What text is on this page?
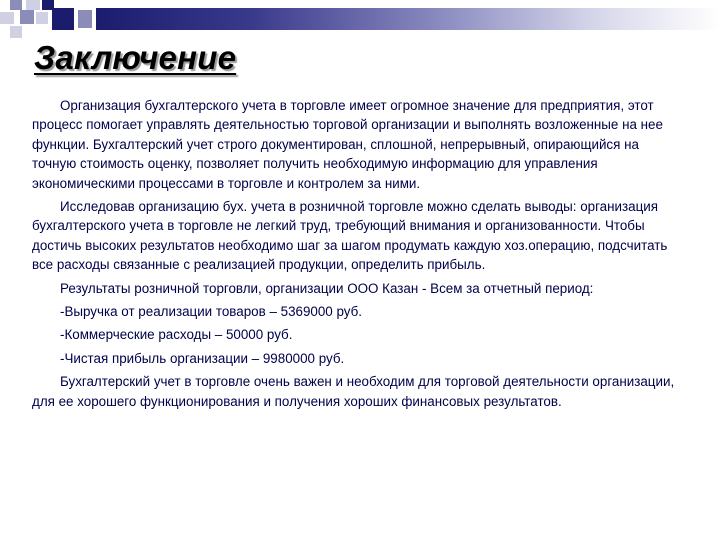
Заключение

Организация бухгалтерского учета в торговле имеет огромное значение для предприятия, этот процесс помогает управлять деятельностью торговой организации и выполнять возложенные на нее функции. Бухгалтерский учет строго документирован, сплошной, непрерывный, опирающийся на точную стоимость оценку, позволяет получить необходимую информацию для управления экономическими процессами в торговле и контролем за ними.

Исследовав организацию бух. учета в розничной торговле можно сделать выводы: организация бухгалтерского учета в торговле не легкий труд, требующий внимания и организованности. Чтобы достичь высоких результатов необходимо шаг за шагом продумать каждую хоз.операцию, подсчитать все расходы связанные с реализацией продукции, определить прибыль.

Результаты розничной торговли, организации ООО Казан - Всем за отчетный период:

-Выручка от реализации товаров – 5369000 руб.

-Коммерческие расходы – 50000 руб.

-Чистая прибыль организации – 9980000 руб.

Бухгалтерский учет в торговле очень важен и необходим для торговой деятельности организации, для ее хорошего функционирования и получения хороших финансовых результатов.
